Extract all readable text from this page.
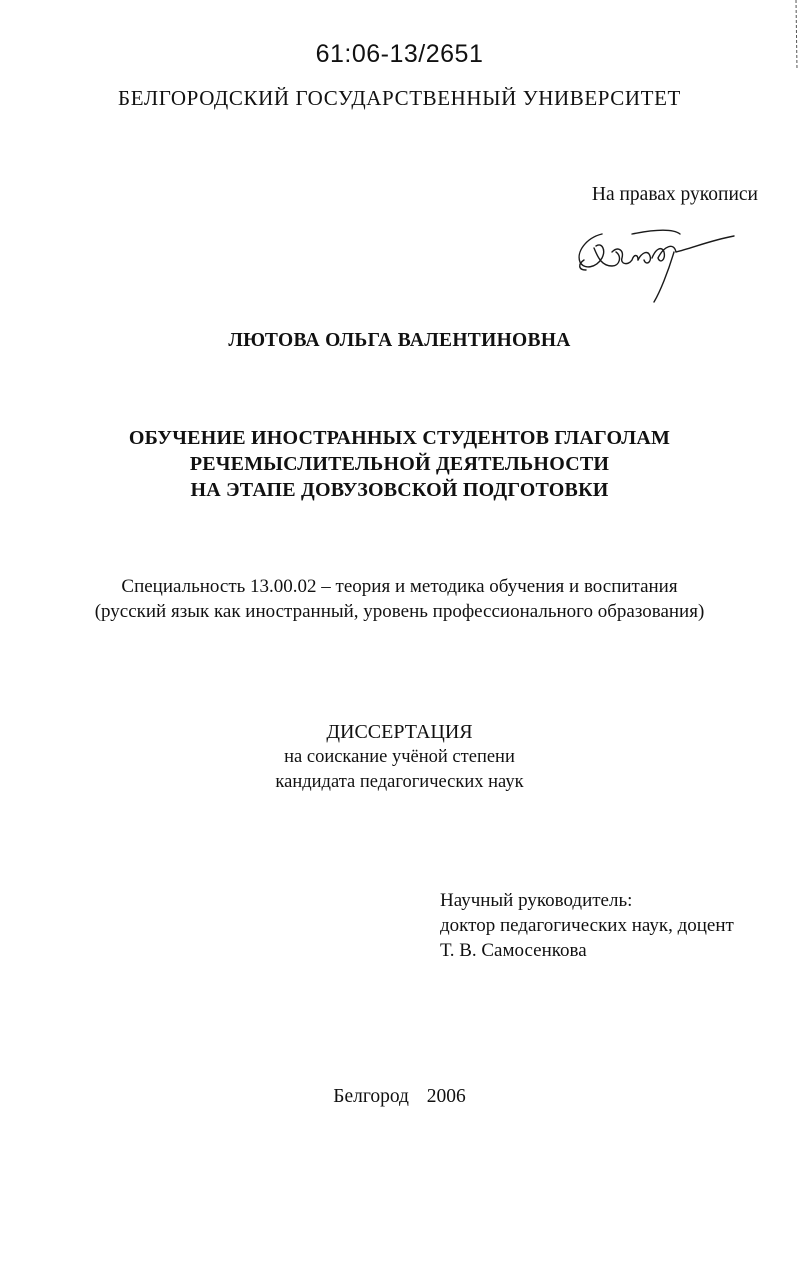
61:06-13/2651
БЕЛГОРОДСКИЙ ГОСУДАРСТВЕННЫЙ УНИВЕРСИТЕТ
На правах рукописи
ЛЮТОВА ОЛЬГА ВАЛЕНТИНОВНА
ОБУЧЕНИЕ ИНОСТРАННЫХ СТУДЕНТОВ ГЛАГОЛАМ
РЕЧЕМЫСЛИТЕЛЬНОЙ ДЕЯТЕЛЬНОСТИ
НА ЭТАПЕ ДОВУЗОВСКОЙ ПОДГОТОВКИ
Специальность 13.00.02 – теория и методика обучения и воспитания
(русский язык как иностранный, уровень профессионального образования)
ДИССЕРТАЦИЯ
на соискание учёной степени
кандидата педагогических наук
Научный руководитель:
доктор педагогических наук, доцент
Т. В. Самосенкова
Белгород  2006
